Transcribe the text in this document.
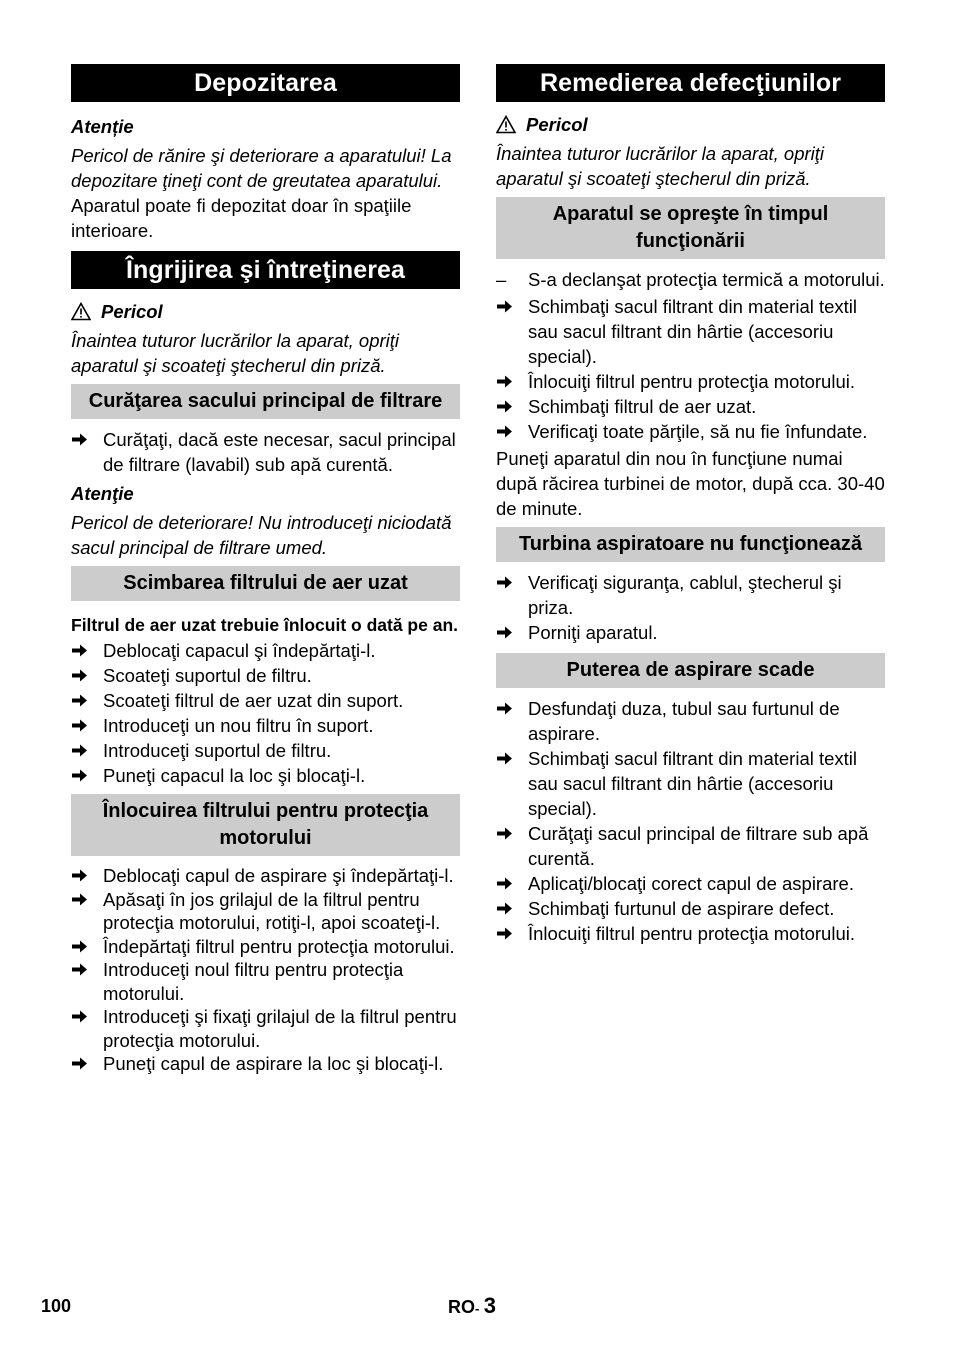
Depozitarea
Atenție
Pericol de rănire şi deteriorare a aparatului! La depozitare ţineţi cont de greutatea aparatului.
Aparatul poate fi depozitat doar în spaţiile interioare.
Îngrijirea şi întreţinerea
Pericol
Înaintea tuturor lucrărilor la aparat, opriţi aparatul şi scoateţi ştecherul din priză.
Curăţarea sacului principal de filtrare
Curăţaţi, dacă este necesar, sacul principal de filtrare (lavabil) sub apă curentă.
Atenţie
Pericol de deteriorare! Nu introduceţi niciodată sacul principal de filtrare umed.
Scimbarea filtrului de aer uzat
Filtrul de aer uzat trebuie înlocuit o dată pe an.
Deblocaţi capacul şi îndepărtaţi-l.
Scoateţi suportul de filtru.
Scoateţi filtrul de aer uzat din suport.
Introduceţi un nou filtru în suport.
Introduceţi suportul de filtru.
Puneţi capacul la loc şi blocaţi-l.
Înlocuirea filtrului pentru protecţia motorului
Deblocaţi capul de aspirare şi îndepărtaţi-l.
Apăsaţi în jos grilajul de la filtrul pentru protecţia motorului, rotiţi-l, apoi scoateţi-l.
Îndepărtaţi filtrul pentru protecţia motorului.
Introduceţi noul filtru pentru protecţia motorului.
Introduceţi şi fixaţi grilajul de la filtrul pentru protecţia motorului.
Puneţi capul de aspirare la loc şi blocaţi-l.
Remedierea defecţiunilor
Pericol
Înaintea tuturor lucrărilor la aparat, opriţi aparatul şi scoateţi ştecherul din priză.
Aparatul se opreşte în timpul funcţionării
–	S-a declanşat protecţia termică a motorului.
Schimbaţi sacul filtrant din material textil sau sacul filtrant din hârtie (accesoriu special).
Înlocuiţi filtrul pentru protecţia motorului.
Schimbaţi filtrul de aer uzat.
Verificaţi toate părţile, să nu fie înfundate.
Puneţi aparatul din nou în funcţiune numai după răcirea turbinei de motor, după cca. 30-40 de minute.
Turbina aspiratoare nu funcţionează
Verificaţi siguranţa, cablul, ştecherul şi priza.
Porniţi aparatul.
Puterea de aspirare scade
Desfundaţi duza, tubul sau furtunul de aspirare.
Schimbaţi sacul filtrant din material textil sau sacul filtrant din hârtie (accesoriu special).
Curăţaţi sacul principal de filtrare sub apă curentă.
Aplicaţi/blocaţi corect capul de aspirare.
Schimbaţi furtunul de aspirare defect.
Înlocuiţi filtrul pentru protecţia motorului.
100	RO- 3
